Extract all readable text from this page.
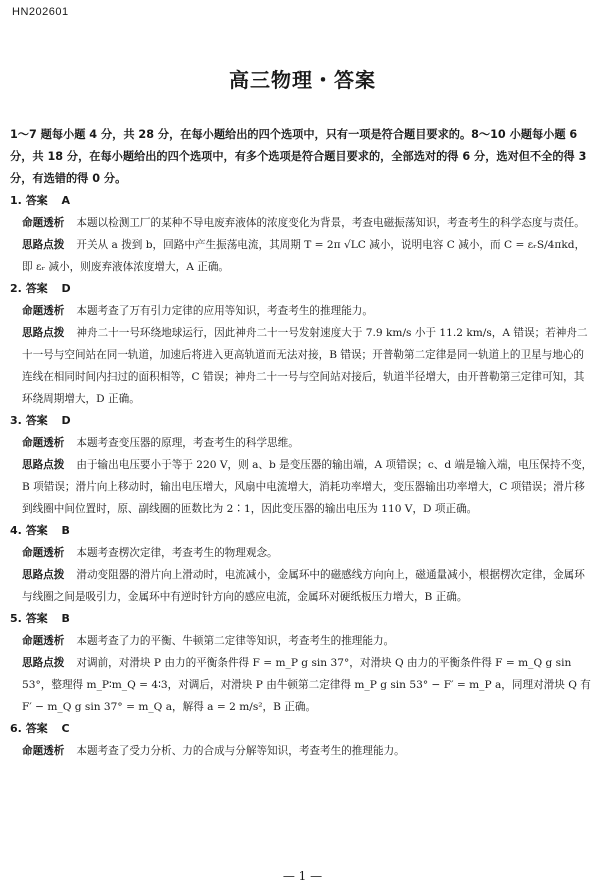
HN202601
高三物理・答案

1～7 题每小题 4 分，共 28 分，在每小题给出的四个选项中，只有一项是符合题目要求的。8～10 小题每小题 6 分，共 18 分，在每小题给出的四个选项中，有多个选项是符合题目要求的，全部选对的得 6 分，选对但不全的得 3 分，有选错的得 0 分。

1. 答案 A

命题透析 本题以检测工厂的某种不导电废弃液体的浓度变化为背景，考查电磁振荡知识，考查考生的科学态度与责任。

思路点拨 开关从 a 拨到 b，回路中产生振荡电流，其周期 T = 2π √LC 减小，说明电容 C 减小，而 C = εᵣS/4πkd，即 εᵣ 减小，则废弃液体浓度增大，A 正确。

2. 答案 D

命题透析 本题考查了万有引力定律的应用等知识，考查考生的推理能力。

思路点拨 神舟二十一号环绕地球运行，因此神舟二十一号发射速度大于 7.9 km/s 小于 11.2 km/s，A 错误；若神舟二十一号与空间站在同一轨道，加速后将进入更高轨道而无法对接，B 错误；开普勒第二定律是同一轨道上的卫星与地心的连线在相同时间内扫过的面积相等，C 错误；神舟二十一号与空间站对接后，轨道半径增大，由开普勒第三定律可知，其环绕周期增大，D 正确。

3. 答案 D

命题透析 本题考查变压器的原理，考查考生的科学思维。

思路点拨 由于输出电压要小于等于 220 V，则 a、b 是变压器的输出端，A 项错误；c、d 端是输入端，电压保持不变，B 项错误；滑片向上移动时，输出电压增大，风扇中电流增大，消耗功率增大，变压器输出功率增大，C 项错误；滑片移到线圈中间位置时，原、副线圈的匝数比为 2∶1，因此变压器的输出电压为 110 V，D 项正确。

4. 答案 B

命题透析 本题考查楞次定律，考查考生的物理观念。

思路点拨 滑动变阻器的滑片向上滑动时，电流减小，金属环中的磁感线方向向上，磁通量减小，根据楞次定律，金属环与线圈之间是吸引力，金属环中有逆时针方向的感应电流，金属环对硬纸板压力增大，B 正确。

5. 答案 B

命题透析 本题考查了力的平衡、牛顿第二定律等知识，考查考生的推理能力。

思路点拨 对调前，对滑块 P 由力的平衡条件得 F = m_P g sin 37°，对滑块 Q 由力的平衡条件得 F = m_Q g sin 53°，整理得 m_P∶m_Q = 4∶3，对调后，对滑块 P 由牛顿第二定律得 m_P g sin 53° − F′ = m_P a，同理对滑块 Q 有 F′ − m_Q g sin 37° = m_Q a，解得 a = 2 m/s²，B 正确。

6. 答案 C

命题透析 本题考查了受力分析、力的合成与分解等知识，考查考生的推理能力。

— 1 —
